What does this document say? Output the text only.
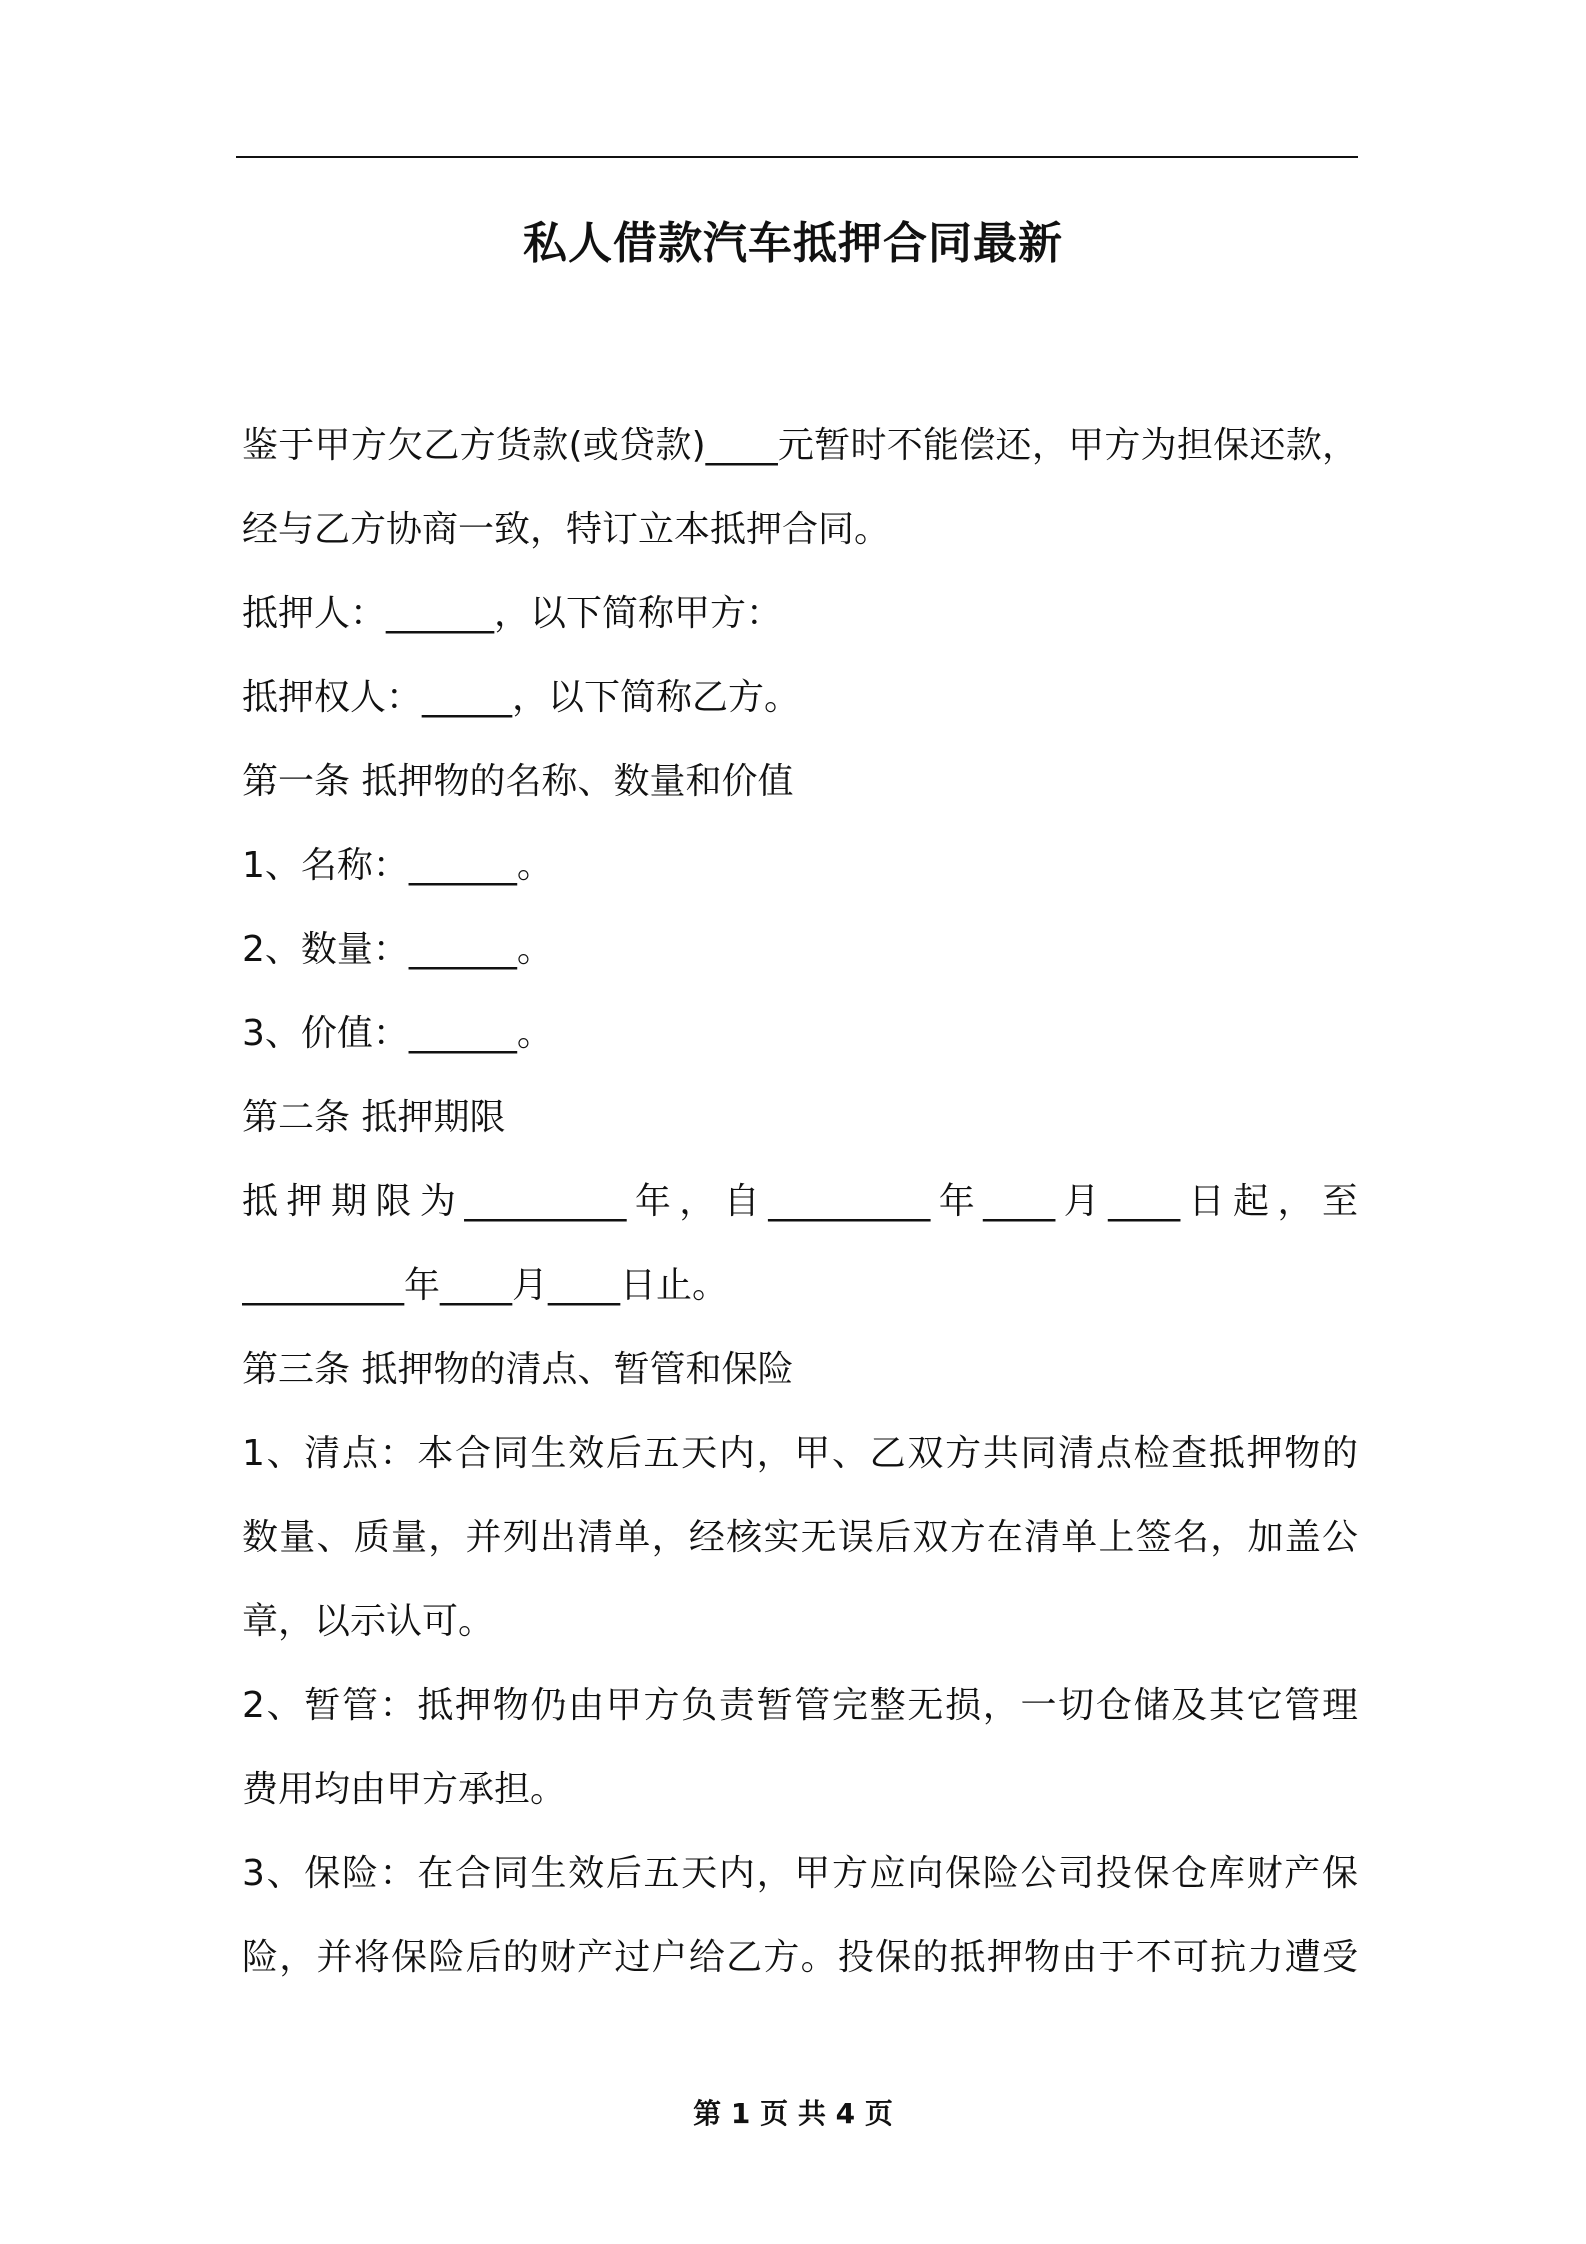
私人借款汽车抵押合同最新
鉴于甲方欠乙方货款(或贷款)____元暂时不能偿还，甲方为担保还款，
经与乙方协商一致，特订立本抵押合同。
抵押人：______，以下简称甲方：
抵押权人：_____，以下简称乙方。
第一条 抵押物的名称、数量和价值
1、名称：______。
2、数量：______。
3、价值：______。
第二条 抵押期限
抵押期限为_________年，自_________年____月____日起，至
_________年____月____日止。
第三条 抵押物的清点、暂管和保险
1、清点：本合同生效后五天内，甲、乙双方共同清点检查抵押物的
数量、质量，并列出清单，经核实无误后双方在清单上签名，加盖公
章，以示认可。
2、暂管：抵押物仍由甲方负责暂管完整无损，一切仓储及其它管理
费用均由甲方承担。
3、保险：在合同生效后五天内，甲方应向保险公司投保仓库财产保
险，并将保险后的财产过户给乙方。投保的抵押物由于不可抗力遭受
第 1 页 共 4 页
